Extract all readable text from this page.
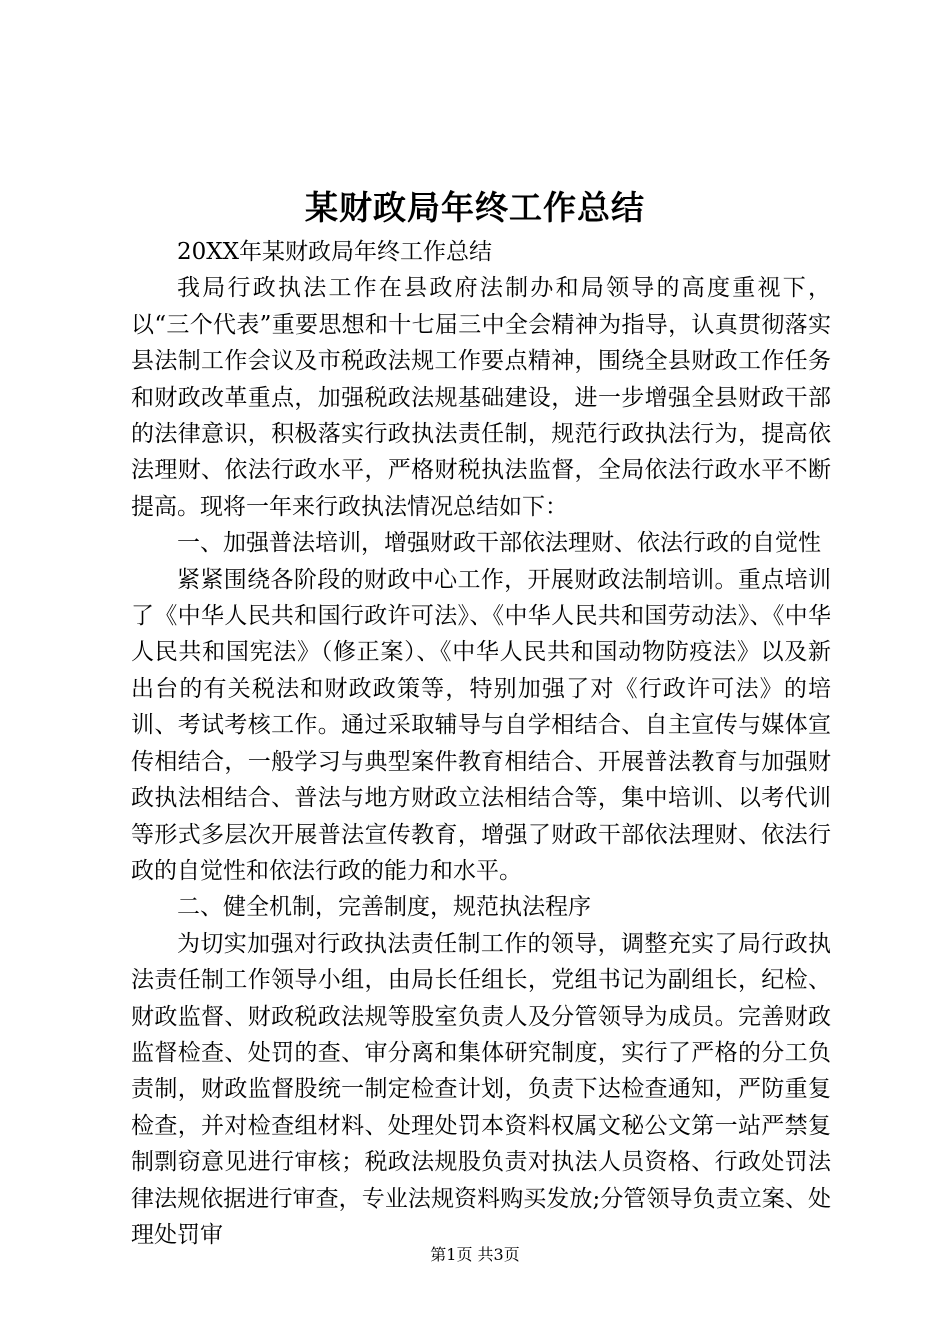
某财政局年终工作总结

20XX年某财政局年终工作总结

我局行政执法工作在县政府法制办和局领导的高度重视下，以“三个代表”重要思想和十七届三中全会精神为指导，认真贯彻落实县法制工作会议及市税政法规工作要点精神，围绕全县财政工作任务和财政改革重点，加强税政法规基础建设，进一步增强全县财政干部的法律意识，积极落实行政执法责任制，规范行政执法行为，提高依法理财、依法行政水平，严格财税执法监督，全局依法行政水平不断提高。现将一年来行政执法情况总结如下：

一、加强普法培训，增强财政干部依法理财、依法行政的自觉性

紧紧围绕各阶段的财政中心工作，开展财政法制培训。重点培训了《中华人民共和国行政许可法》、《中华人民共和国劳动法》、《中华人民共和国宪法》（修正案）、《中华人民共和国动物防疫法》以及新出台的有关税法和财政政策等，特别加强了对《行政许可法》的培训、考试考核工作。通过采取辅导与自学相结合、自主宣传与媒体宣传相结合，一般学习与典型案件教育相结合、开展普法教育与加强财政执法相结合、普法与地方财政立法相结合等，集中培训、以考代训等形式多层次开展普法宣传教育，增强了财政干部依法理财、依法行政的自觉性和依法行政的能力和水平。

二、健全机制，完善制度，规范执法程序

为切实加强对行政执法责任制工作的领导，调整充实了局行政执法责任制工作领导小组，由局长任组长，党组书记为副组长，纪检、财政监督、财政税政法规等股室负责人及分管领导为成员。完善财政监督检查、处罚的查、审分离和集体研究制度，实行了严格的分工负责制，财政监督股统一制定检查计划，负责下达检查通知，严防重复检查，并对检查组材料、处理处罚本资料权属文秘公文第一站严禁复制剽窃意见进行审核；税政法规股负责对执法人员资格、行政处罚法律法规依据进行审查，专业法规资料购买发放;分管领导负责立案、处理处罚审

第1页 共3页
